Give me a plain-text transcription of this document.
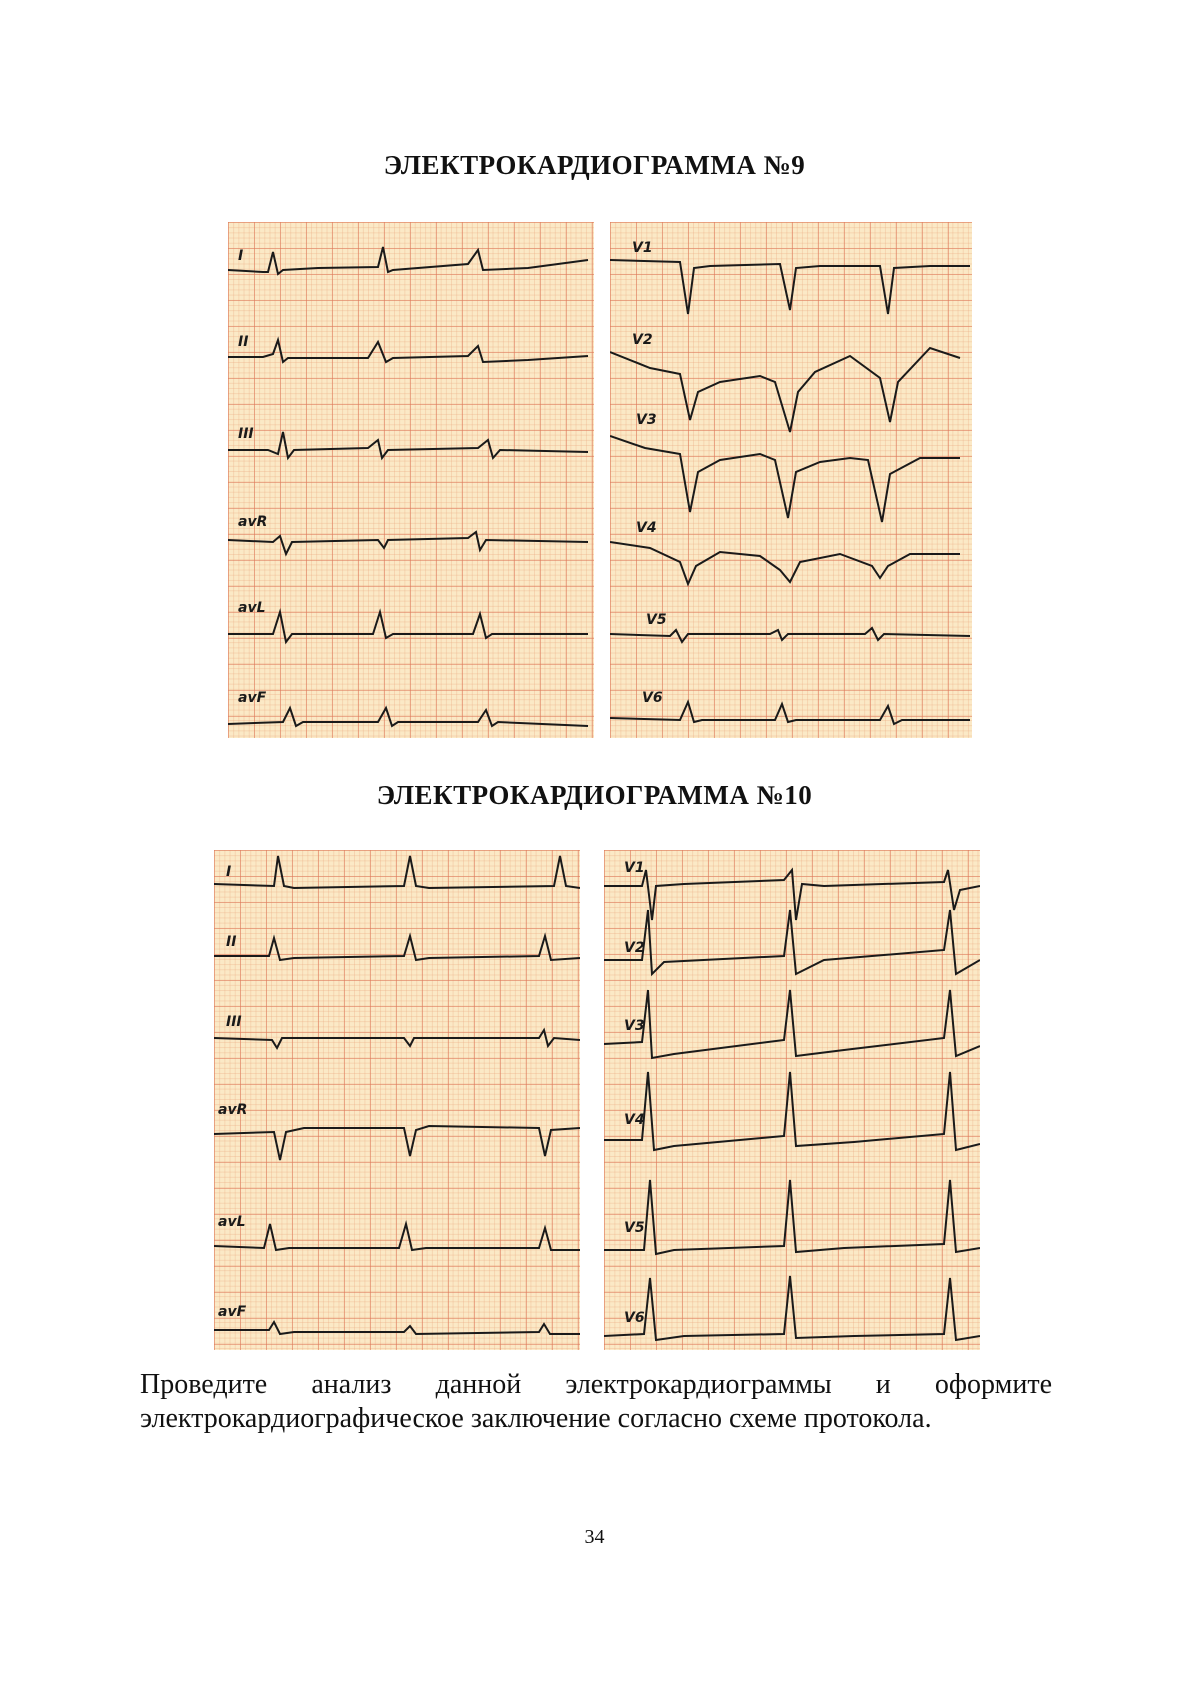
ЭЛЕКТРОКАРДИОГРАММА №9
I
II
III
avR
avL
avF
V1
V2
V3
V4
V5
V6
ЭЛЕКТРОКАРДИОГРАММА №10
I
II
III
avR
avL
avF
V1
V2
V3
V4
V5
V6
Проведите анализ данной электрокардиограммы и оформите электрокардиографическое заключение согласно схеме протокола.
34
